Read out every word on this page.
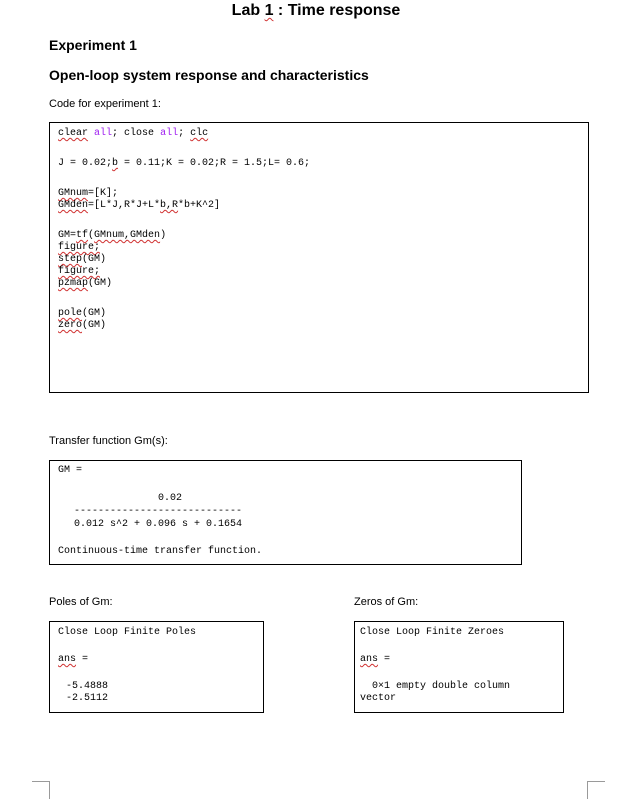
Lab 1 : Time response
Experiment 1
Open-loop system response and characteristics
Code for experiment 1:
clear all; close all; clc
J = 0.02;b = 0.11;K = 0.02;R = 1.5;L= 0.6;
GMnum=[K];
GMden=[L*J,R*J+L*b,R*b+K^2]
GM=tf(GMnum,GMden)
figure;
step(GM)
figure;
pzmap(GM)
pole(GM)
zero(GM)
Transfer function Gm(s):
GM =
0.02
----------------------------
0.012 s^2 + 0.096 s + 0.1654
Continuous-time transfer function.
Poles of Gm:	Zeros of Gm:
Close Loop Finite Poles
ans =
-5.4888
-2.5112
Close Loop Finite Zeroes
ans =
0×1 empty double column
vector
